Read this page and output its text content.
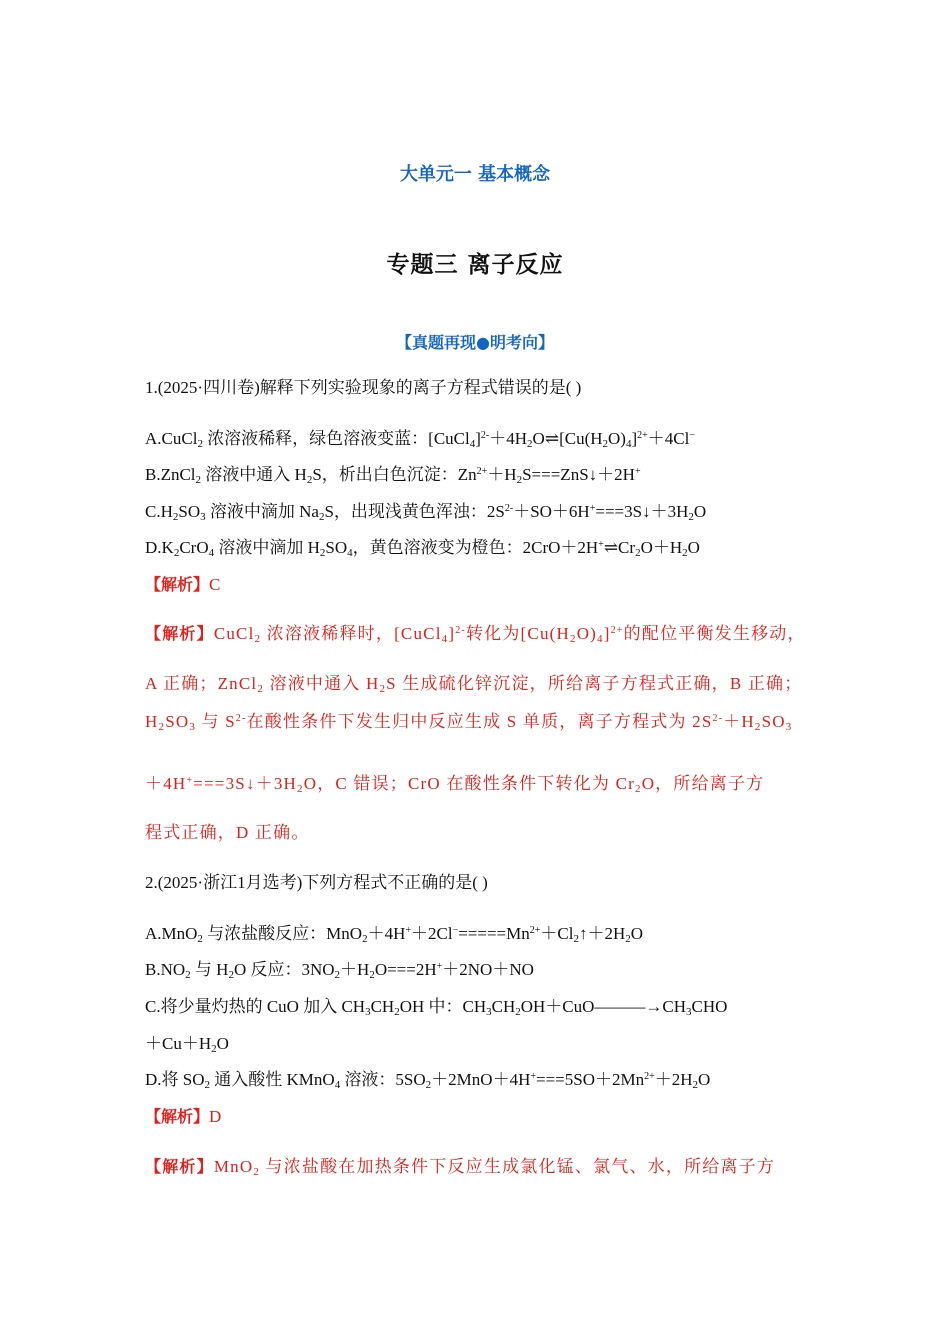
大单元一 基本概念
专题三 离子反应
【真题再现●明考向】
1.(2025·四川卷)解释下列实验现象的离子方程式错误的是( )
A.CuCl$_2$ 浓溶液稀释，绿色溶液变蓝：$[CuCl_4]^{2-}+4H_2O\rightleftharpoons[Cu(H_2O)_4]^{2+}+4Cl^-$
B.ZnCl$_2$ 溶液中通入 $H_2S$，析出白色沉淀：$Zn^{2+}+H_2S===ZnS↓+2H^+$
$C.H_2SO_3$ 溶液中滴加 $Na_2S$，出现浅黄色浑浊：$2S^{2-}+SO+6H^+===3S↓+3H_2O$
$D.K_2CrO_4$ 溶液中滴加 $H_2SO_4$，黄色溶液变为橙色：$2CrO+2H^+\rightleftharpoons Cr_2O+H_2O$
【解析】C
【解析】CuCl$_2$ 浓溶液稀释时，[CuCl$_4$]$^{2-}$转化为$[Cu(H_2O)_4]^{2+}$的配位平衡发生移动，
A 正确；ZnCl$_2$ 溶液中通入 $H_2S$ 生成硫化锌沉淀，所给离子方程式正确，B 正确；
$H_2SO_3$ 与 $S^{2-}$在酸性条件下发生归中反应生成 S 单质，离子方程式为 $2S^{2-}+H_2SO_3$
$+4H^+===3S↓+3H_2O$，C 错误；CrO 在酸性条件下转化为 $Cr_2O$，所给离子方
程式正确，D 正确。
2.(2025·浙江1月选考)下列方程式不正确的是( )
A.MnO$_2$ 与浓盐酸反应：$MnO_2+4H^++2Cl^-=====Mn^{2+}+Cl_2↑+2H_2O$
$B.NO_2$ 与 $H_2O$ 反应：$3NO_2+H_2O===2H^++2NO+NO$
C.将少量灼热的 CuO 加入 $CH_3CH_2OH$ 中：$CH_3CH_2OH+CuO———\to CH_3CHO$
$+Cu+H_2O$
D.将 $SO_2$ 通入酸性 KMnO$_4$ 溶液：$5SO_2+2MnO+4H^+===5SO+2Mn^{2+}+2H_2O$
【解析】D
【解析】MnO$_2$ 与浓盐酸在加热条件下反应生成氯化锰、氯气、水，所给离子方
